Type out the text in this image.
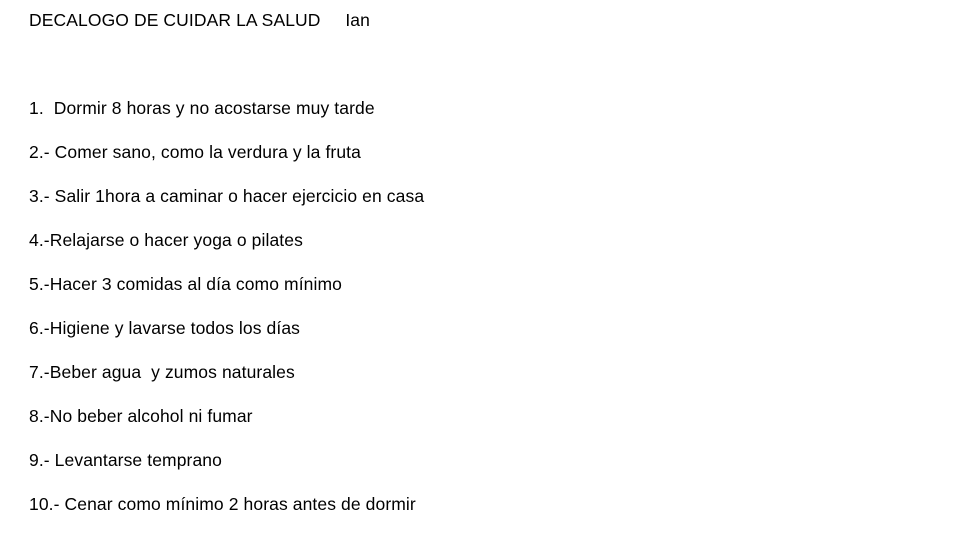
DECALOGO DE CUIDAR LA SALUD     Ian
1.  Dormir 8 horas y no acostarse muy tarde
2.- Comer sano, como la verdura y la fruta
3.- Salir 1hora a caminar o hacer ejercicio en casa
4.-Relajarse o hacer yoga o pilates
5.-Hacer 3 comidas al día como mínimo
6.-Higiene y lavarse todos los días
7.-Beber agua  y zumos naturales
8.-No beber alcohol ni fumar
9.- Levantarse temprano
10.- Cenar como mínimo 2 horas antes de dormir
